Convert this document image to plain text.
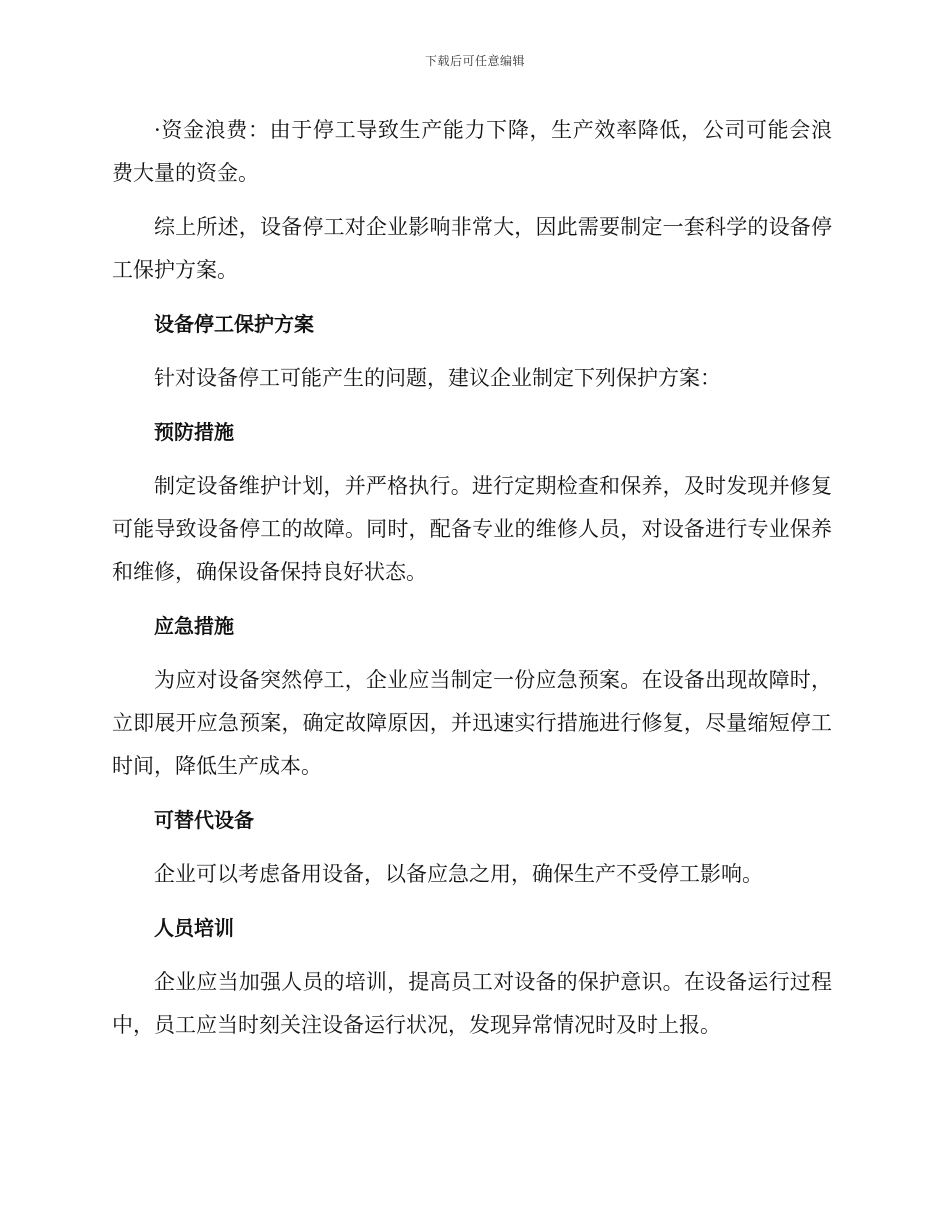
下载后可任意编辑

·资金浪费：由于停工导致生产能力下降，生产效率降低，公司可能会浪费大量的资金。

综上所述，设备停工对企业影响非常大，因此需要制定一套科学的设备停工保护方案。

设备停工保护方案

针对设备停工可能产生的问题，建议企业制定下列保护方案：

预防措施

制定设备维护计划，并严格执行。进行定期检查和保养，及时发现并修复可能导致设备停工的故障。同时，配备专业的维修人员，对设备进行专业保养和维修，确保设备保持良好状态。

应急措施

为应对设备突然停工，企业应当制定一份应急预案。在设备出现故障时，立即展开应急预案，确定故障原因，并迅速实行措施进行修复，尽量缩短停工时间，降低生产成本。

可替代设备

企业可以考虑备用设备，以备应急之用，确保生产不受停工影响。

人员培训

企业应当加强人员的培训，提高员工对设备的保护意识。在设备运行过程中，员工应当时刻关注设备运行状况，发现异常情况时及时上报。
